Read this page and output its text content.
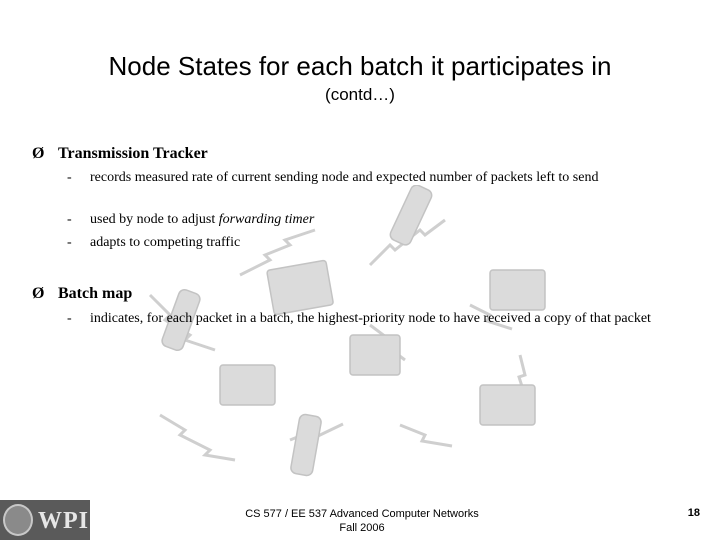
Node States for each batch it participates in
(contd…)
Ø Transmission Tracker
- records measured rate of current sending node and expected number of packets left to send
- used by node to adjust forwarding timer
- adapts to competing traffic
Ø Batch map
- indicates, for each packet in a batch, the highest-priority node to have received a copy of that packet
WPI	CS 577 / EE 537 Advanced Computer Networks
Fall 2006
18
